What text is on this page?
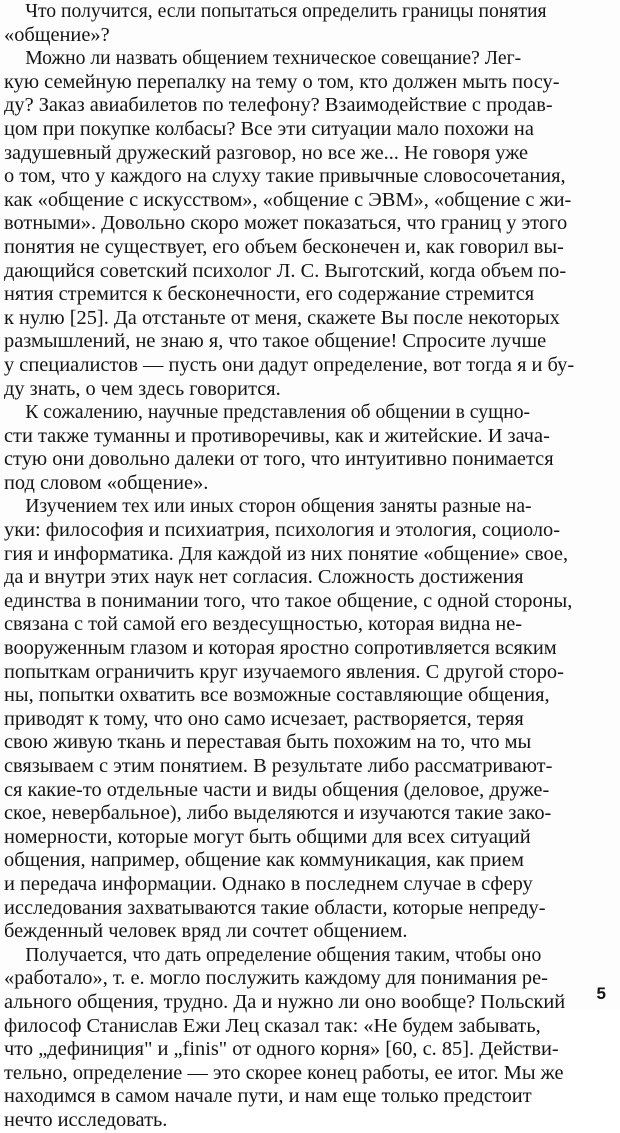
Что получится, если попытаться определить границы понятия
«общение»?
Можно ли назвать общением техническое совещание? Лег-
кую семейную перепалку на тему о том, кто должен мыть посу-
ду? Заказ авиабилетов по телефону? Взаимодействие с продав-
цом при покупке колбасы? Все эти ситуации мало похожи на
задушевный дружеский разговор, но все же... Не говоря уже
о том, что у каждого на слуху такие привычные словосочетания,
как «общение с искусством», «общение с ЭВМ», «общение с жи-
вотными». Довольно скоро может показаться, что границ у этого
понятия не существует, его объем бесконечен и, как говорил вы-
дающийся советский психолог Л. С. Выготский, когда объем по-
нятия стремится к бесконечности, его содержание стремится
к нулю [25]. Да отстаньте от меня, скажете Вы после некоторых
размышлений, не знаю я, что такое общение! Спросите лучше
у специалистов — пусть они дадут определение, вот тогда я и бу-
ду знать, о чем здесь говорится.
К сожалению, научные представления об общении в сущно-
сти также туманны и противоречивы, как и житейские. И зача-
стую они довольно далеки от того, что интуитивно понимается
под словом «общение».
Изучением тех или иных сторон общения заняты разные на-
уки: философия и психиатрия, психология и этология, социоло-
гия и информатика. Для каждой из них понятие «общение» свое,
да и внутри этих наук нет согласия. Сложность достижения
единства в понимании того, что такое общение, с одной стороны,
связана с той самой его вездесущностью, которая видна не-
вооруженным глазом и которая яростно сопротивляется всяким
попыткам ограничить круг изучаемого явления. С другой сторо-
ны, попытки охватить все возможные составляющие общения,
приводят к тому, что оно само исчезает, растворяется, теряя
свою живую ткань и переставая быть похожим на то, что мы
связываем с этим понятием. В результате либо рассматривают-
ся какие-то отдельные части и виды общения (деловое, друже-
ское, невербальное), либо выделяются и изучаются такие зако-
номерности, которые могут быть общими для всех ситуаций
общения, например, общение как коммуникация, как прием
и передача информации. Однако в последнем случае в сферу
исследования захватываются такие области, которые непреду-
бежденный человек вряд ли сочтет общением.
Получается, что дать определение общения таким, чтобы оно
«работало», т. е. могло послужить каждому для понимания ре-
ального общения, трудно. Да и нужно ли оно вообще? Польский
философ Станислав Ежи Лец сказал так: «Не будем забывать,
что „дефиниция" и „finis" от одного корня» [60, с. 85]. Действи-
тельно, определение — это скорее конец работы, ее итог. Мы же
находимся в самом начале пути, и нам еще только предстоит
нечто исследовать.
5
